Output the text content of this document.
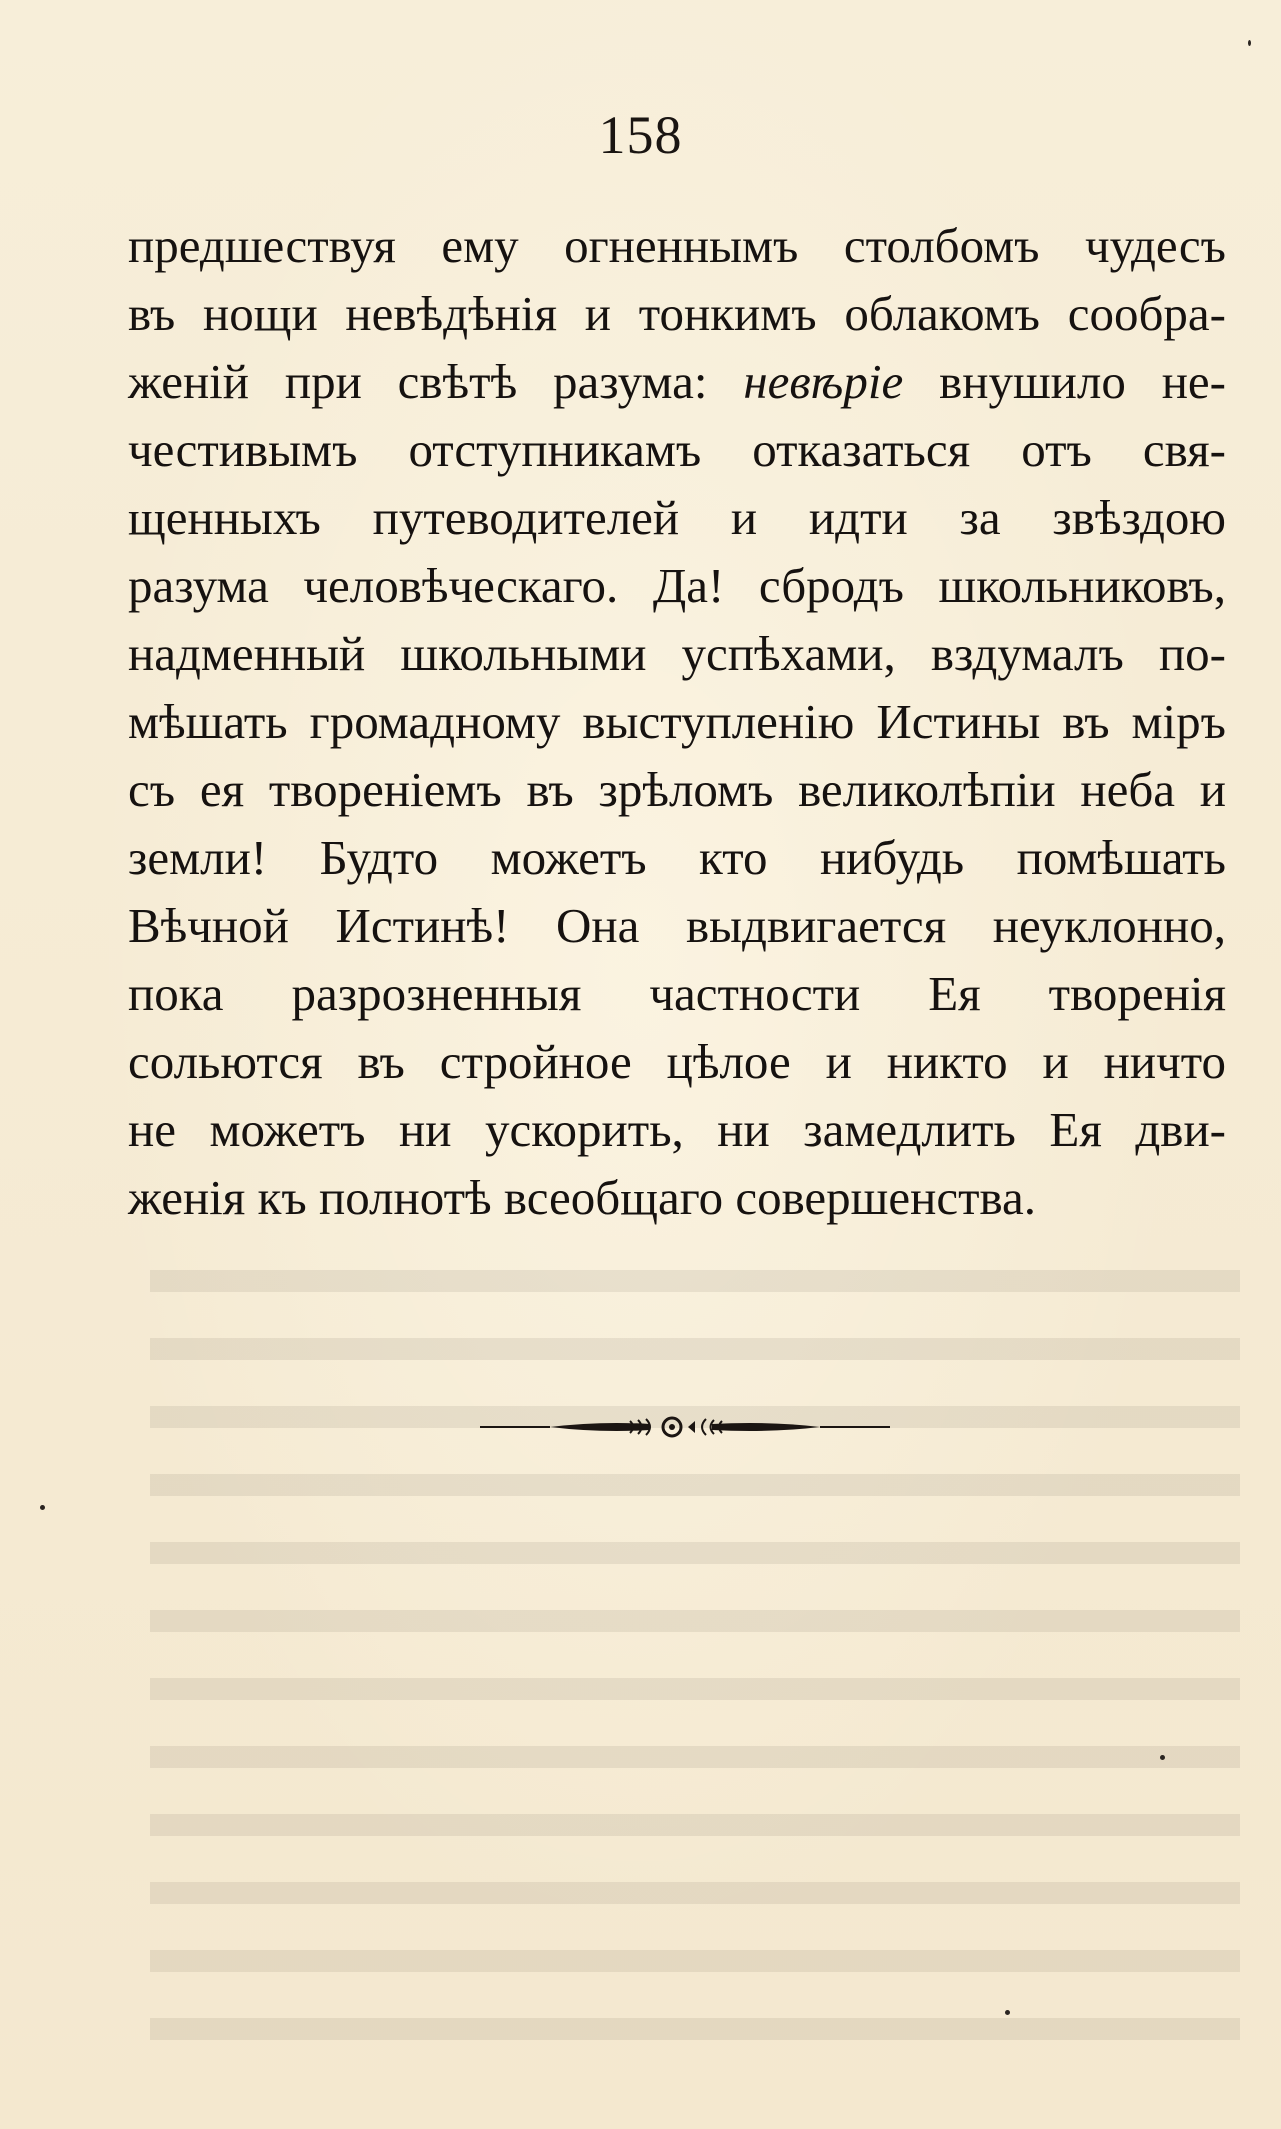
158
предшествуя ему огненнымъ столбомъ чудесъ
въ нощи невѣдѣнія и тонкимъ облакомъ сообра-
женій при свѣтѣ разума: невѣріе внушило не-
честивымъ отступникамъ отказаться отъ свя-
щенныхъ путеводителей и идти за звѣздою
разума человѣческаго. Да! сбродъ школьниковъ,
надменный школьными успѣхами, вздумалъ по-
мѣшать громадному выступленію Истины въ міръ
съ ея твореніемъ въ зрѣломъ великолѣпіи неба и
земли! Будто можетъ кто нибудь помѣшать
Вѣчной Истинѣ! Она выдвигается неуклонно,
пока разрозненныя частности Ея творенія
сольются въ стройное цѣлое и никто и ничто
не можетъ ни ускорить, ни замедлить Ея дви-
женія къ полнотѣ всеобщаго совершенства.
